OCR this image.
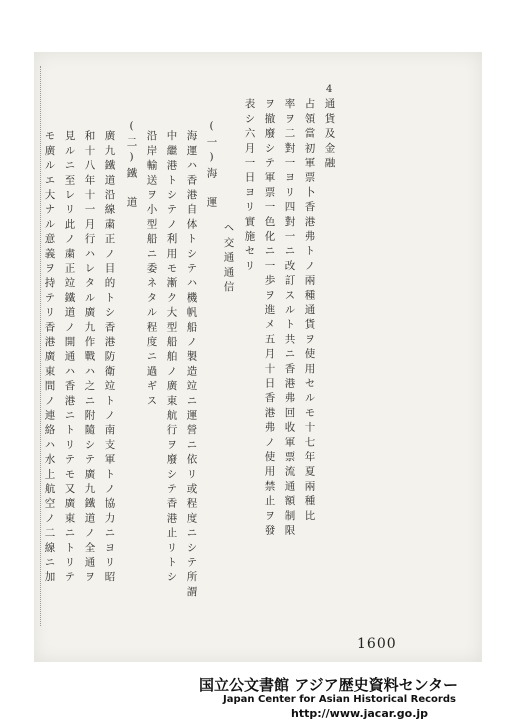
4
通貨及金融
占領當初軍票卜香港弗トノ兩種通貨ヲ使用セルモ十七年夏兩種比
率ヲ二對一ヨリ四對一ニ改訂スルト共ニ香港弗回收軍票流通額制限
ヲ撤廢シテ軍票一色化ニ一歩ヲ進メ五月十日香港弗ノ使用禁止ヲ發
表シ六月一日ヨリ實施セリ
ヘ交通通信
(一)海　運
海運ハ香港自体トシテハ機帆船ノ製造竝ニ運營ニ依リ或程度ニシテ所謂
中繼港トシテノ利用モ漸ク大型船舶ノ廣東航行ヲ廢シテ香港止リトシ
沿岸輸送ヲ小型船ニ委ネタル程度ニ過ギス
(二)鐵　道
廣九鐵道沿線粛正ノ目的トシ香港防衛竝トノ南支軍トノ協力ニヨリ昭
和十八年十一月行ハレタル廣九作戰ハ之ニ附隨シテ廣九鐵道ノ全通ヲ
見ルニ至レリ此ノ粛正竝鐵道ノ開通ハ香港ニトリテモ又廣東ニトリテ
モ廣ルエ大ナル意義ヲ持テリ香港廣東間ノ連絡ハ水上航空ノ二線ニ加
1600
国立公文書館 アジア歴史資料センター
Japan Center for Asian Historical Records
http://www.jacar.go.jp
